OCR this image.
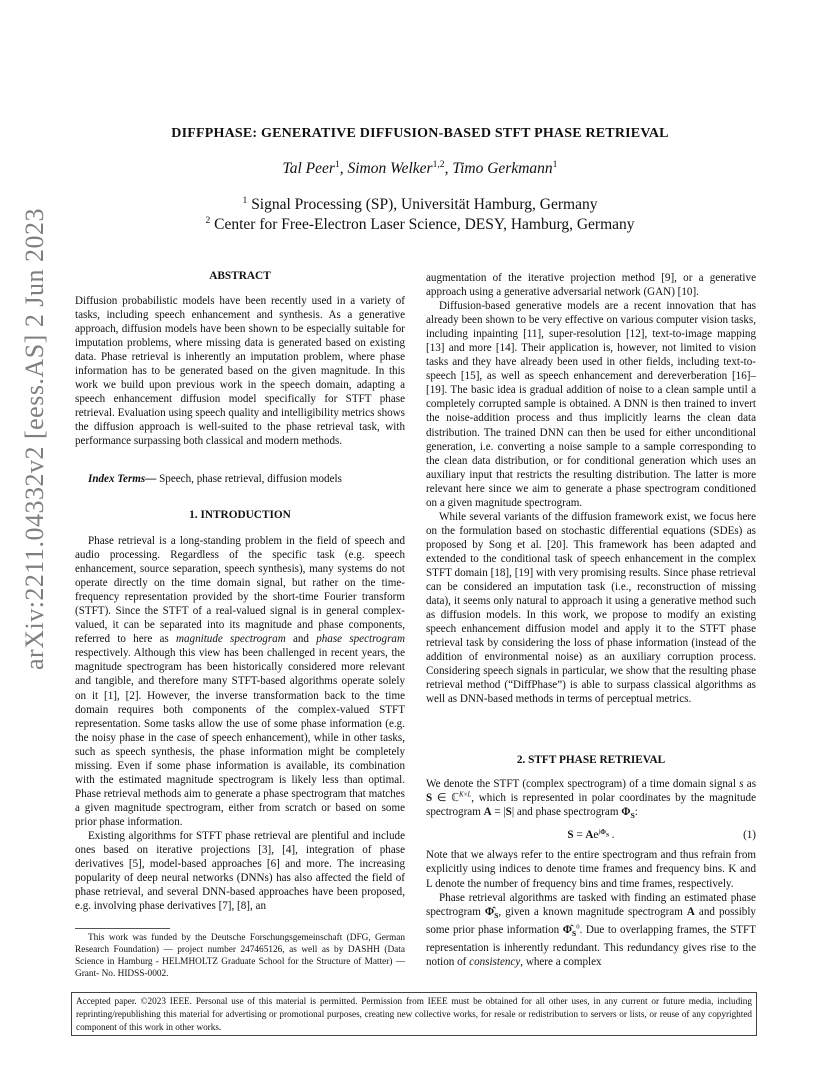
arXiv:2211.04332v2 [eess.AS] 2 Jun 2023
DIFFPHASE: GENERATIVE DIFFUSION-BASED STFT PHASE RETRIEVAL
Tal Peer$^1$, Simon Welker$^{1,2}$, Timo Gerkmann$^1$
$^1$ Signal Processing (SP), Universität Hamburg, Germany
$^2$ Center for Free-Electron Laser Science, DESY, Hamburg, Germany
ABSTRACT
Diffusion probabilistic models have been recently used in a variety of tasks, including speech enhancement and synthesis. As a generative approach, diffusion models have been shown to be especially suitable for imputation problems, where missing data is generated based on existing data. Phase retrieval is inherently an imputation problem, where phase information has to be generated based on the given magnitude. In this work we build upon previous work in the speech domain, adapting a speech enhancement diffusion model specifically for STFT phase retrieval. Evaluation using speech quality and intelligibility metrics shows the diffusion approach is well-suited to the phase retrieval task, with performance surpassing both classical and modern methods.
Index Terms— Speech, phase retrieval, diffusion models
1. INTRODUCTION

Phase retrieval is a long-standing problem in the field of speech and audio processing. Regardless of the specific task (e.g. speech enhancement, source separation, speech synthesis), many systems do not operate directly on the time domain signal, but rather on the time-frequency representation provided by the short-time Fourier transform (STFT). Since the STFT of a real-valued signal is in general complex-valued, it can be separated into its magnitude and phase components, referred to here as magnitude spectrogram and phase spectrogram respectively. Although this view has been challenged in recent years, the magnitude spectrogram has been historically considered more relevant and tangible, and therefore many STFT-based algorithms operate solely on it [1], [2]. However, the inverse transformation back to the time domain requires both components of the complex-valued STFT representation. Some tasks allow the use of some phase information (e.g. the noisy phase in the case of speech enhancement), while in other tasks, such as speech synthesis, the phase information might be completely missing. Even if some phase information is available, its combination with the estimated magnitude spectrogram is likely less than optimal. Phase retrieval methods aim to generate a phase spectrogram that matches a given magnitude spectrogram, either from scratch or based on some prior phase information.

Existing algorithms for STFT phase retrieval are plentiful and include ones based on iterative projections [3], [4], integration of phase derivatives [5], model-based approaches [6] and more. The increasing popularity of deep neural networks (DNNs) has also affected the field of phase retrieval, and several DNN-based approaches have been proposed, e.g. involving phase derivatives [7], [8], an

This work was funded by the Deutsche Forschungsgemeinschaft (DFG, German Research Foundation) — project number 247465126, as well as by DASHH (Data Science in Hamburg - HELMHOLTZ Graduate School for the Structure of Matter) — Grant- No. HIDSS-0002.

augmentation of the iterative projection method [9], or a generative approach using a generative adversarial network (GAN) [10].

Diffusion-based generative models are a recent innovation that has already been shown to be very effective on various computer vision tasks, including inpainting [11], super-resolution [12], text-to-image mapping [13] and more [14]. Their application is, however, not limited to vision tasks and they have already been used in other fields, including text-to-speech [15], as well as speech enhancement and dereverberation [16]–[19]. The basic idea is gradual addition of noise to a clean sample until a completely corrupted sample is obtained. A DNN is then trained to invert the noise-addition process and thus implicitly learns the clean data distribution. The trained DNN can then be used for either unconditional generation, i.e. converting a noise sample to a sample corresponding to the clean data distribution, or for conditional generation which uses an auxiliary input that restricts the resulting distribution. The latter is more relevant here since we aim to generate a phase spectrogram conditioned on a given magnitude spectrogram.

While several variants of the diffusion framework exist, we focus here on the formulation based on stochastic differential equations (SDEs) as proposed by Song et al. [20]. This framework has been adapted and extended to the conditional task of speech enhancement in the complex STFT domain [18], [19] with very promising results. Since phase retrieval can be considered an imputation task (i.e., reconstruction of missing data), it seems only natural to approach it using a generative method such as diffusion models. In this work, we propose to modify an existing speech enhancement diffusion model and apply it to the STFT phase retrieval task by considering the loss of phase information (instead of the addition of environmental noise) as an auxiliary corruption process. Considering speech signals in particular, we show that the resulting phase retrieval method (“DiffPhase”) is able to surpass classical algorithms as well as DNN-based methods in terms of perceptual metrics.

2. STFT PHASE RETRIEVAL

We denote the STFT (complex spectrogram) of a time domain signal s as S ∈ ℂ$^{K\times L}$, which is represented in polar coordinates by the magnitude spectrogram A = |S| and phase spectrogram $\Phi_S$:

$S = Ae^{j\Phi_S}$ .	(1)

Note that we always refer to the entire spectrogram and thus refrain from explicitly using indices to denote time frames and frequency bins. K and L denote the number of frequency bins and time frames, respectively.

Phase retrieval algorithms are tasked with finding an estimated phase spectrogram $\Phî_S$, given a known magnitude spectrogram A and possibly some prior phase information $\Phî_S^0$. Due to overlapping frames, the STFT representation is inherently redundant. This redundancy gives rise to the notion of consistency, where a complex

Accepted paper. ©2023 IEEE. Personal use of this material is permitted. Permission from IEEE must be obtained for all other uses, in any current or future media, including reprinting/republishing this material for advertising or promotional purposes, creating new collective works, for resale or redistribution to servers or lists, or reuse of any copyrighted component of this work in other works.
